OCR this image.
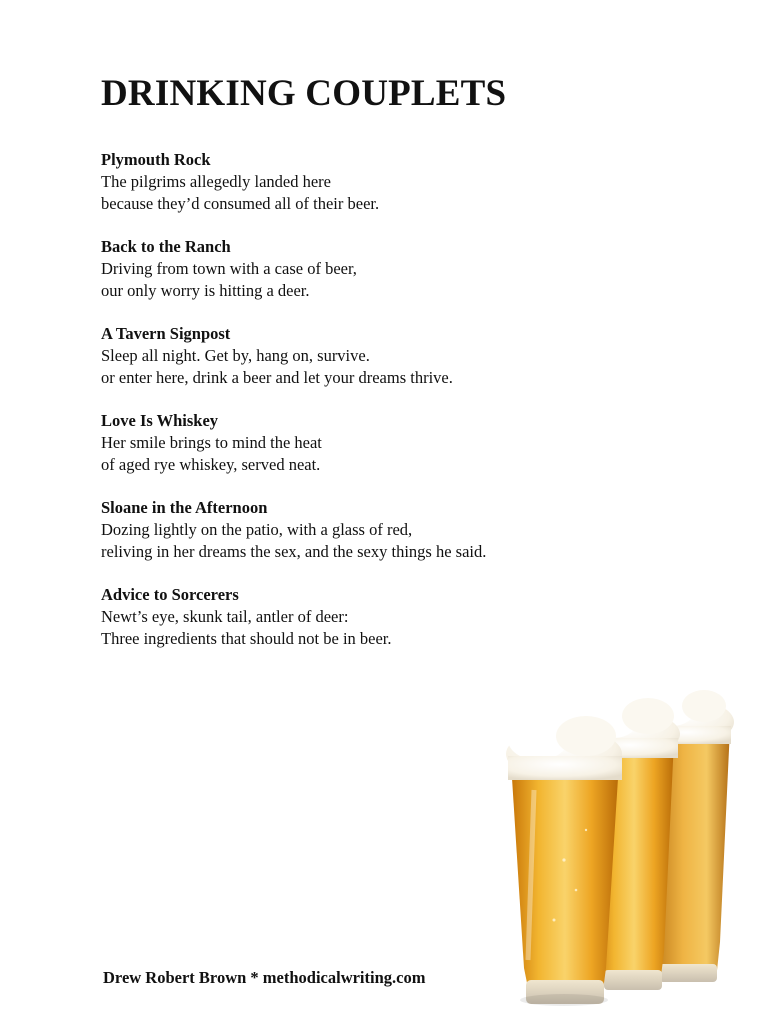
DRINKING COUPLETS
Plymouth Rock
The pilgrims allegedly landed here
because they’d consumed all of their beer.
Back to the Ranch
Driving from town with a case of beer,
our only worry is hitting a deer.
A Tavern Signpost
Sleep all night. Get by, hang on, survive.
or enter here, drink a beer and let your dreams thrive.
Love Is Whiskey
Her smile brings to mind the heat
of aged rye whiskey, served neat.
Sloane in the Afternoon
Dozing lightly on the patio, with a glass of red,
reliving in her dreams the sex, and the sexy things he said.
Advice to Sorcerers
Newt’s eye, skunk tail, antler of deer:
Three ingredients that should not be in beer.
Drew Robert Brown * methodicalwriting.com
